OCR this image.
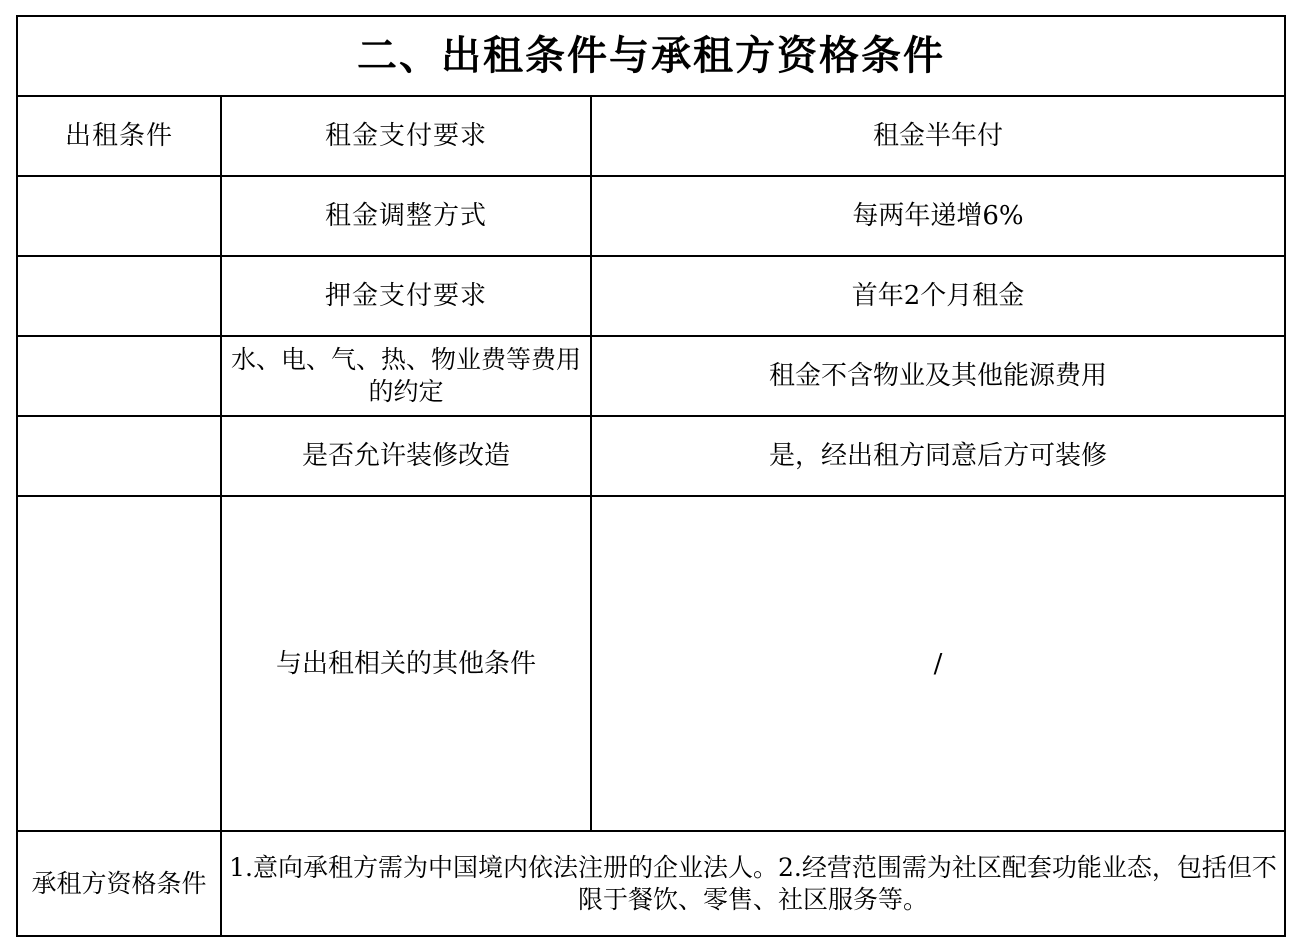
二、出租条件与承租方资格条件		
出租条件	租金支付要求	租金半年付
	租金调整方式	每两年递增6%
	押金支付要求	首年2个月租金
	水、电、气、热、物业费等费用的约定	租金不含物业及其他能源费用
	是否允许装修改造	是，经出租方同意后方可装修
	与出租相关的其他条件	/
承租方资格条件	1.意向承租方需为中国境内依法注册的企业法人。2.经营范围需为社区配套功能业态，包括但不限于餐饮、零售、社区服务等。	
